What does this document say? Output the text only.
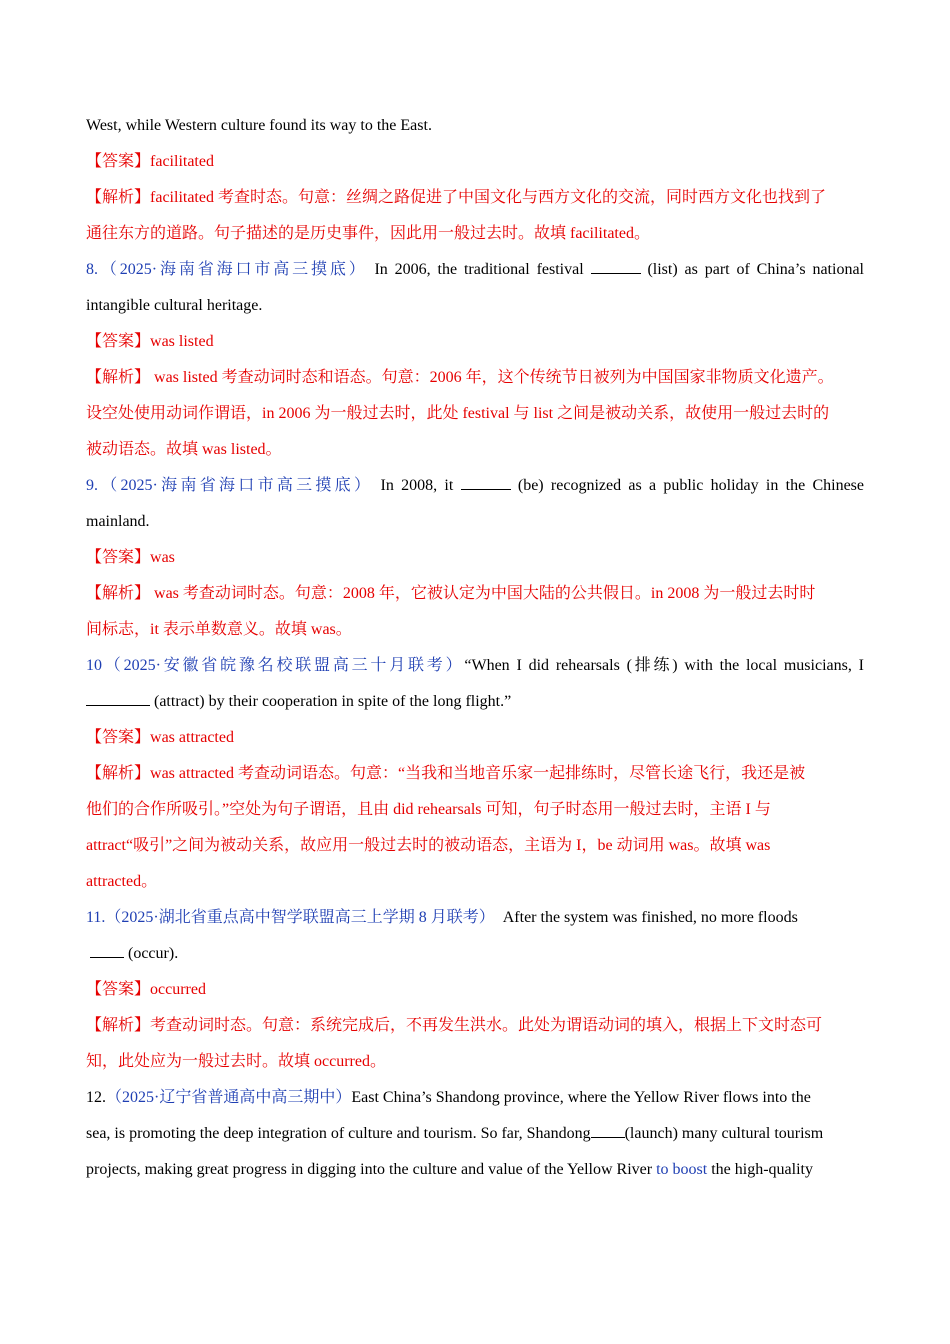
West, while Western culture found its way to the East.
【答案】facilitated
【解析】facilitated 考查时态。句意：丝绸之路促进了中国文化与西方文化的交流，同时西方文化也找到了
通往东方的道路。句子描述的是历史事件，因此用一般过去时。故填 facilitated。
8.（2025·海南省海口市高三摸底） In 2006, the traditional festival	(list) as part of China’s national
intangible cultural heritage.
【答案】was listed
【解析】 was listed 考查动词时态和语态。句意：2006 年，这个传统节日被列为中国国家非物质文化遗产。
设空处使用动词作谓语，in 2006 为一般过去时，此处 festival 与 list 之间是被动关系，故使用一般过去时的
被动语态。故填 was listed。
9.（2025·海南省海口市高三摸底） In 2008, it	(be) recognized as a public holiday in the Chinese
mainland.
【答案】was
【解析】 was 考查动词时态。句意：2008 年，它被认定为中国大陆的公共假日。in 2008 为一般过去时时
间标志，it 表示单数意义。故填 was。
10（2025·安徽省皖豫名校联盟高三十月联考）“When I did rehearsals (排练) with the local musicians, I
(attract) by their cooperation in spite of the long flight.”
【答案】was attracted
【解析】was attracted 考查动词语态。句意：“当我和当地音乐家一起排练时，尽管长途飞行，我还是被
他们的合作所吸引。”空处为句子谓语，且由 did rehearsals 可知，句子时态用一般过去时，主语 I 与
attract“吸引”之间为被动关系，故应用一般过去时的被动语态，主语为 I，be 动词用 was。故填 was
attracted。
11.（2025·湖北省重点高中智学联盟高三上学期 8 月联考） After the system was finished, no more floods
(occur).
【答案】occurred
【解析】考查动词时态。句意：系统完成后，不再发生洪水。此处为谓语动词的填入，根据上下文时态可
知，此处应为一般过去时。故填 occurred。
12.（2025·辽宁省普通高中高三期中）East China’s Shandong province, where the Yellow River flows into the
sea, is promoting the deep integration of culture and tourism. So far, Shandong (launch) many cultural tourism
projects, making great progress in digging into the culture and value of the Yellow River to boost the high-quality
